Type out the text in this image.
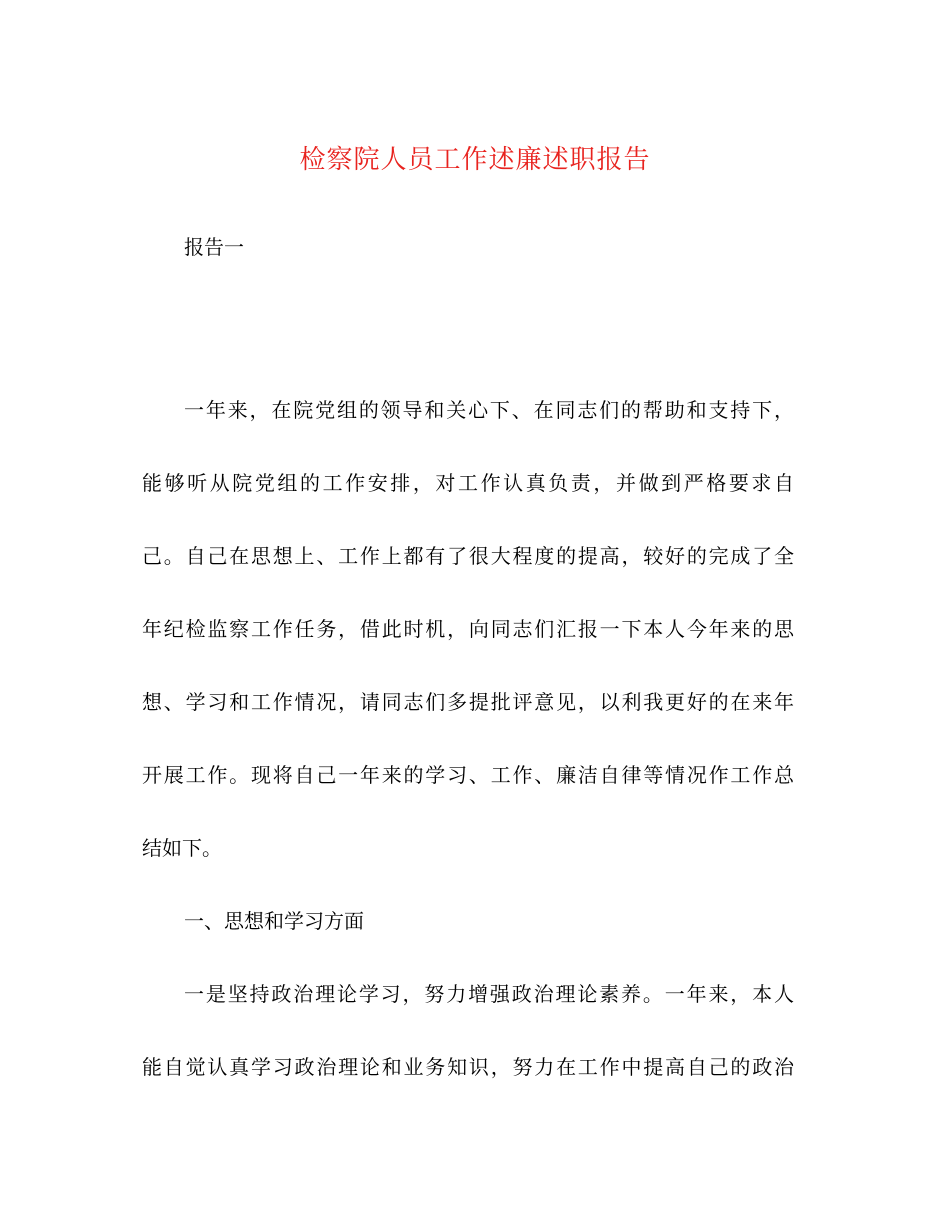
检察院人员工作述廉述职报告

报告一

一年来，在院党组的领导和关心下、在同志们的帮助和支持下，
能够听从院党组的工作安排，对工作认真负责，并做到严格要求自
己。自己在思想上、工作上都有了很大程度的提高，较好的完成了全
年纪检监察工作任务，借此时机，向同志们汇报一下本人今年来的思
想、学习和工作情况，请同志们多提批评意见，以利我更好的在来年
开展工作。现将自己一年来的学习、工作、廉洁自律等情况作工作总
结如下。
一、思想和学习方面
一是坚持政治理论学习，努力增强政治理论素养。一年来，本人
能自觉认真学习政治理论和业务知识，努力在工作中提高自己的政治
